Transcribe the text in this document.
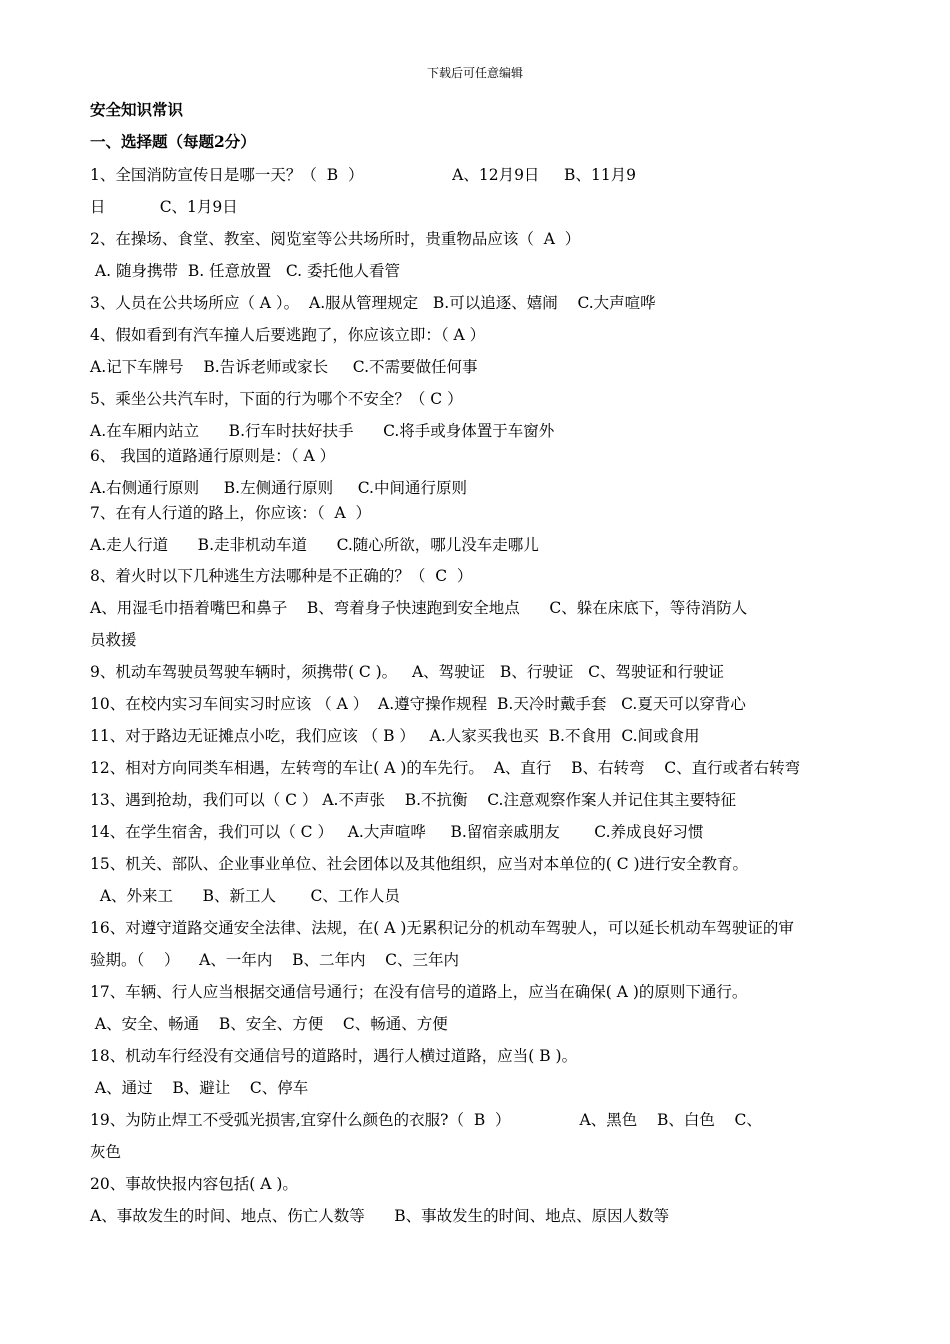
下载后可任意编辑
安全知识常识
一、选择题（每题2分）
1、全国消防宣传日是哪一天？（  B  ）                  A、12月9日     B、11月9
日           C、1月9日
2、在操场、食堂、教室、阅览室等公共场所时，贵重物品应该（  A  ）
A. 随身携带  B. 任意放置   C. 委托他人看管
3、人员在公共场所应（ A ）。  A.服从管理规定   B.可以追逐、嬉闹    C.大声喧哗
4、假如看到有汽车撞人后要逃跑了，你应该立即：（ A ）
A.记下车牌号    B.告诉老师或家长     C.不需要做任何事
5、乘坐公共汽车时，下面的行为哪个不安全？（ C ）
A.在车厢内站立      B.行车时扶好扶手      C.将手或身体置于车窗外
6、 我国的道路通行原则是：（ A ）
A.右侧通行原则     B.左侧通行原则     C.中间通行原则
7、在有人行道的路上，你应该：（  A  ）
A.走人行道      B.走非机动车道      C.随心所欲，哪儿没车走哪儿
8、着火时以下几种逃生方法哪种是不正确的？（  C  ）
A、用湿毛巾捂着嘴巴和鼻子    B、弯着身子快速跑到安全地点      C、躲在床底下，等待消防人
员救援
9、机动车驾驶员驾驶车辆时，须携带( C )。   A、驾驶证   B、行驶证   C、驾驶证和行驶证
10、在校内实习车间实习时应该 （ A ）  A.遵守操作规程  B.天冷时戴手套   C.夏天可以穿背心
11、对于路边无证摊点小吃，我们应该 （ B ）   A.人家买我也买  B.不食用  C.间或食用
12、相对方向同类车相遇，左转弯的车让( A )的车先行。  A、直行    B、右转弯    C、直行或者右转弯
13、遇到抢劫，我们可以（ C ） A.不声张    B.不抗衡    C.注意观察作案人并记住其主要特征
14、在学生宿舍，我们可以（ C ）   A.大声喧哗     B.留宿亲戚朋友       C.养成良好习惯
15、机关、部队、企业事业单位、社会团体以及其他组织，应当对本单位的( C )进行安全教育。
A、外来工      B、新工人       C、工作人员
16、对遵守道路交通安全法律、法规，在( A )无累积记分的机动车驾驶人，可以延长机动车驾驶证的审
验期。（    ）    A、一年内    B、二年内    C、三年内
17、车辆、行人应当根据交通信号通行；在没有信号的道路上，应当在确保( A )的原则下通行。
A、安全、畅通    B、安全、方便    C、畅通、方便
18、机动车行经没有交通信号的道路时，遇行人横过道路，应当( B )。
A、通过    B、避让    C、停车
19、为防止焊工不受弧光损害,宜穿什么颜色的衣服?（  B  ）              A、黑色    B、白色    C、
灰色
20、事故快报内容包括( A )。
A、事故发生的时间、地点、伤亡人数等      B、事故发生的时间、地点、原因人数等
